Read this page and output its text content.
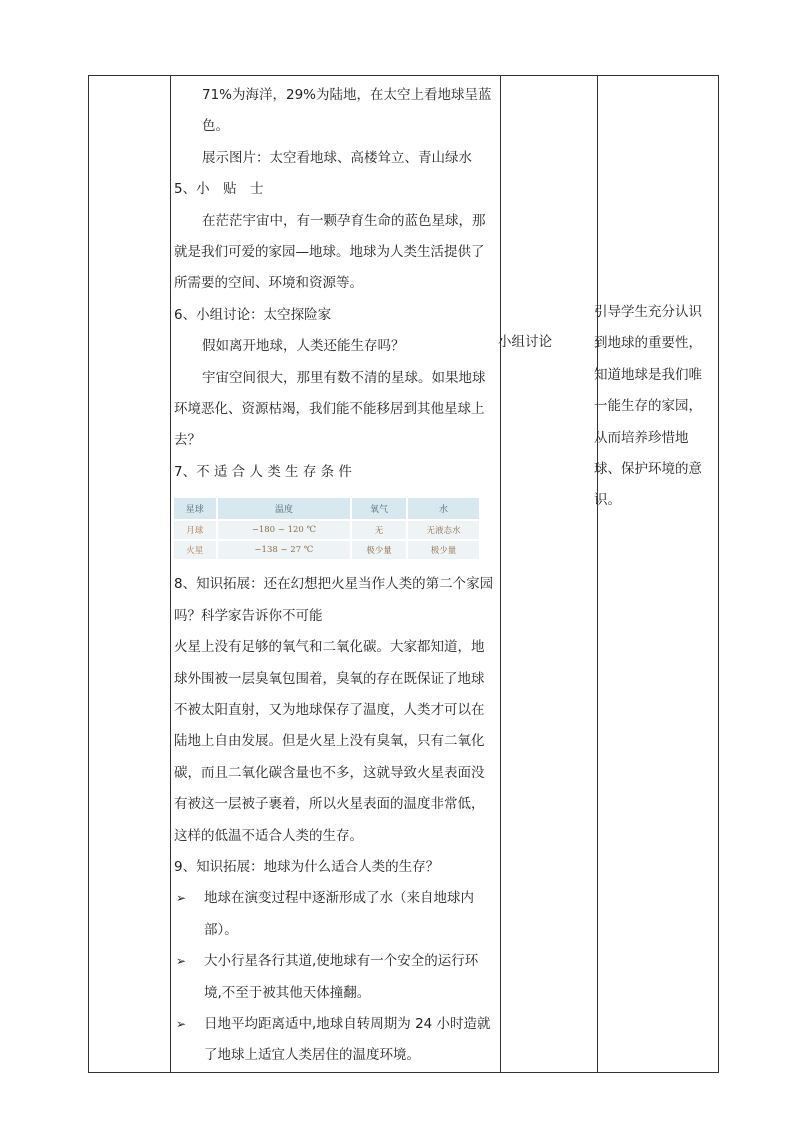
71%为海洋，29%为陆地，在太空上看地球呈蓝

色。

展示图片：太空看地球、高楼耸立、青山绿水

5、小　贴　士

在茫茫宇宙中，有一颗孕育生命的蓝色星球，那就是我们可爱的家园—地球。地球为人类生活提供了所需要的空间、环境和资源等。

6、小组讨论：太空探险家

假如离开地球，人类还能生存吗？

宇宙空间很大，那里有数不清的星球。如果地球环境恶化、资源枯竭，我们能不能移居到其他星球上去？

7、不 适 合 人 类 生 存 条 件

星球	温度	氧气	水
月球	−180 ~ 120 ℃	无	无液态水
火星	−138 ~ 27 ℃	极少量	极少量

8、知识拓展：还在幻想把火星当作人类的第二个家园吗？科学家告诉你不可能

火星上没有足够的氧气和二氧化碳。大家都知道，地球外围被一层臭氧包围着，臭氧的存在既保证了地球不被太阳直射，又为地球保存了温度，人类才可以在陆地上自由发展。但是火星上没有臭氧，只有二氧化碳，而且二氧化碳含量也不多，这就导致火星表面没有被这一层被子裹着，所以火星表面的温度非常低，这样的低温不适合人类的生存。

9、知识拓展：地球为什么适合人类的生存？

➢ 地球在演变过程中逐渐形成了水（来自地球内部）。

➢ 大小行星各行其道,使地球有一个安全的运行环境,不至于被其他天体撞翻。

➢ 日地平均距离适中,地球自转周期为 24 小时造就了地球上适宜人类居住的温度环境。

小组讨论
引导学生充分认识到地球的重要性，知道地球是我们唯一能生存的家园，从而培养珍惜地球、保护环境的意识。
